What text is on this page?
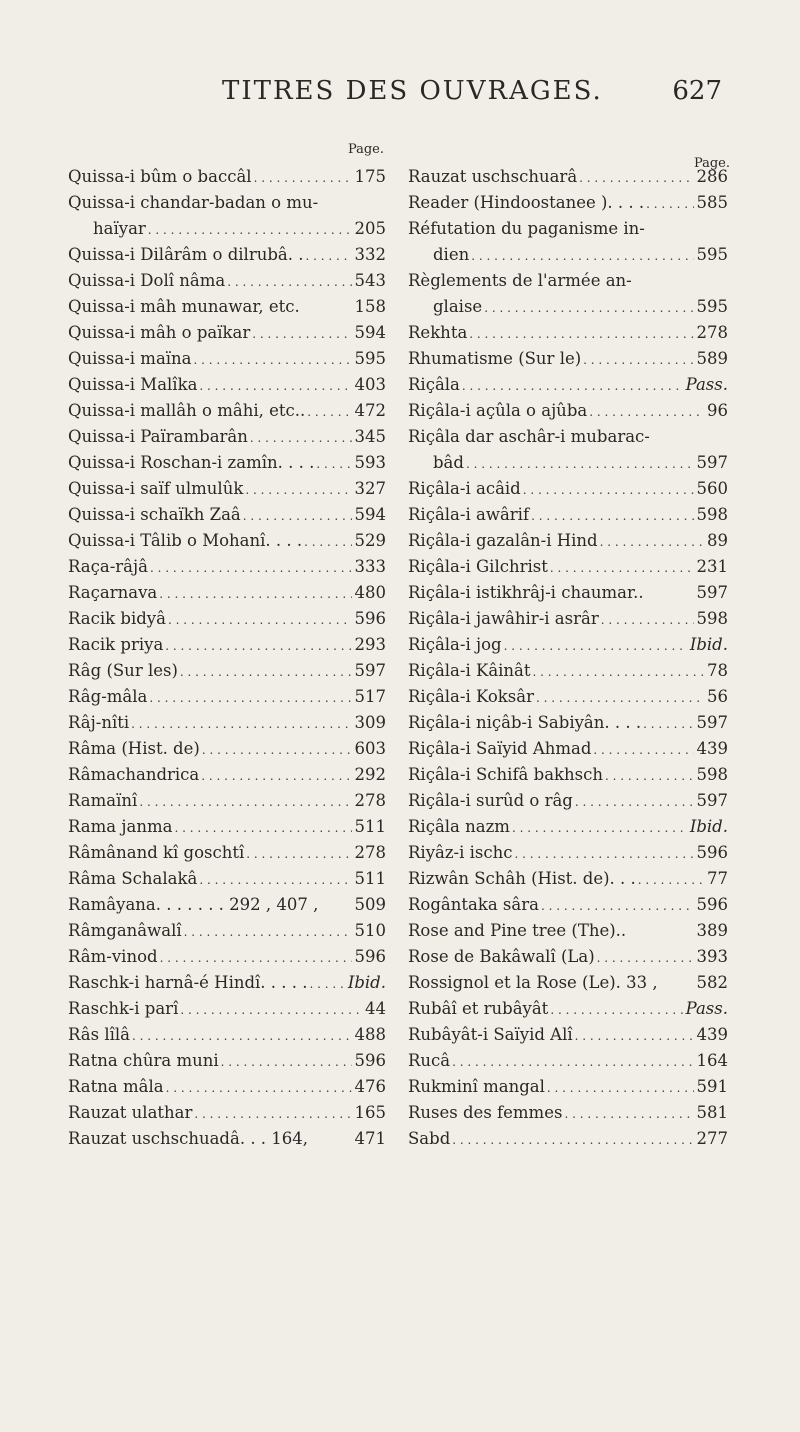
TITRES DES OUVRAGES.	627
Page.
Quissa-i bûm o baccâl . . .	175
Quissa-i chandar-badan o mu-
haïyar . . .	205
Quissa-i Dilârâm o dilrubâ. . . . .	332
Quissa-i Dolî nâma . . .	543
Quissa-i mâh munawar, etc.	158
Quissa-i mâh o païkar . . .	594
Quissa-i maïna . . .	595
Quissa-i Malîka . . .	403
Quissa-i mallâh o mâhi, etc.. . . .	472
Quissa-i Païrambarân . . .	345
Quissa-i Roschan-i zamîn. . . . . . . 593
Quissa-i saïf ulmulûk . . .	327
Quissa-i schaïkh Zaâ . . .	594
Quissa-i Tâlib o Mohanî. . . . . . .	529
Raça-râjâ . . .	333
Raçarnava . . .	480
Racik bidyâ . . .	596
Racik priya . . .	293
Râg (Sur les) . . .	597
Râg-mâla . . .	517
Râj-nîti . . .	309
Râma (Hist. de) . . .	603
Râmachandrica . . .	292
Ramaïnî . . .	278
Rama janma . . .	511
Râmânand kî goschtî . . .	278
Râma Schalakâ . . .	511
Ramâyana. . . . . . . 292 , 407 , 509
Râmganâwalî . . .	510
Râm-vinod . . .	596
Raschk-i harnâ-é Hindî. . . . . . . . Ibid.
Raschk-i parî . . .	44
Râs lîlâ . . .	488
Ratna chûra muni . . .	596
Ratna mâla . . .	476
Rauzat ulathar . . .	165
Rauzat uschschuadâ. . . 164,	471
Page.
Rauzat uschschuarâ . . .	286
Reader (Hindoostanee ). . . . . . .	585
Réfutation du paganisme in-
dien . . .	595
Règlements de l'armée an-
glaise . . .	595
Rekhta . . .	278
Rhumatisme (Sur le) . . .	589
Riçâla . . .	Pass.
Riçâla-i açûla o ajûba . . .	96
Riçâla dar aschâr-i mubarac-
bâd . . .	597
Riçâla-i acâid . . .	560
Riçâla-i awârif . . .	598
Riçâla-i gazalân-i Hind . . .	89
Riçâla-i Gilchrist . . .	231
Riçâla-i istikhrâj-i chaumar..	597
Riçâla-i jawâhir-i asrâr . . .	598
Riçâla-i jog . . .	Ibid.
Riçâla-i Kâinât . . .	78
Riçâla-i Koksâr . . .	56
Riçâla-i niçâb-i Sabiyân. . . . . . .	597
Riçâla-i Saïyid Ahmad . . .	439
Riçâla-i Schifâ bakhsch . . .	598
Riçâla-i surûd o râg . . .	597
Riçâla nazm . . .	Ibid.
Riyâz-i ischc . . .	596
Rizwân Schâh (Hist. de). . . . . .	77
Rogântaka sâra . . .	596
Rose and Pine tree (The)..	389
Rose de Bakâwalî (La) . . .	393
Rossignol et la Rose (Le). 33 , 582
Rubâî et rubâyât . . .	Pass.
Rubâyât-i Saïyid Alî . . .	439
Rucâ . . .	164
Rukminî mangal . . .	591
Ruses des femmes . . .	581
Sabd . . .	277
